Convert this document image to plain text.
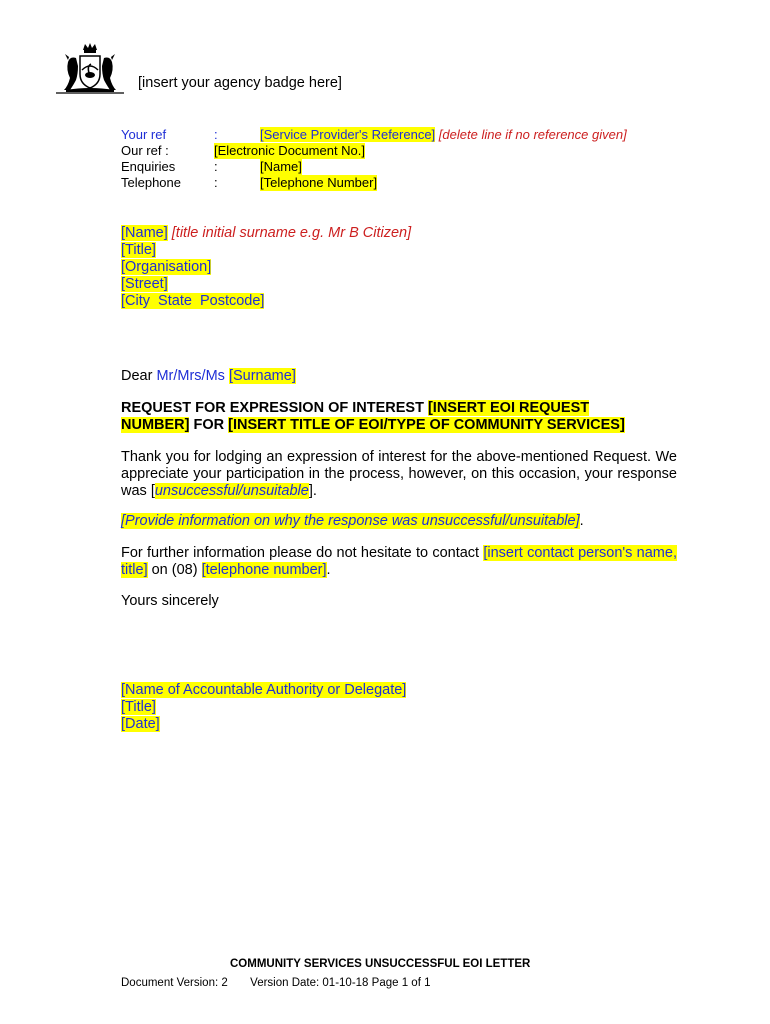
[insert your agency badge here]
Your ref	:	[Service Provider's Reference] [delete line if no reference given]
Our ref :	[Electronic Document No.]
Enquiries	:	[Name]
Telephone	:	[Telephone Number]
[Name] [title initial surname e.g. Mr B Citizen]
[Title]
[Organisation]
[Street]
[City  State  Postcode]
Dear Mr/Mrs/Ms [Surname]
REQUEST FOR EXPRESSION OF INTEREST [INSERT EOI REQUEST NUMBER] FOR [INSERT TITLE OF EOI/TYPE OF COMMUNITY SERVICES]
Thank you for lodging an expression of interest for the above-mentioned Request. We appreciate your participation in the process, however, on this occasion, your response was [unsuccessful/unsuitable].
[Provide information on why the response was unsuccessful/unsuitable].
For further information please do not hesitate to contact [insert contact person's name, title] on (08) [telephone number].
Yours sincerely
[Name of Accountable Authority or Delegate]
[Title]
[Date]
COMMUNITY SERVICES UNSUCCESSFUL EOI LETTER
Document Version: 2 Version Date: 01-10-18 Page 1 of 1
